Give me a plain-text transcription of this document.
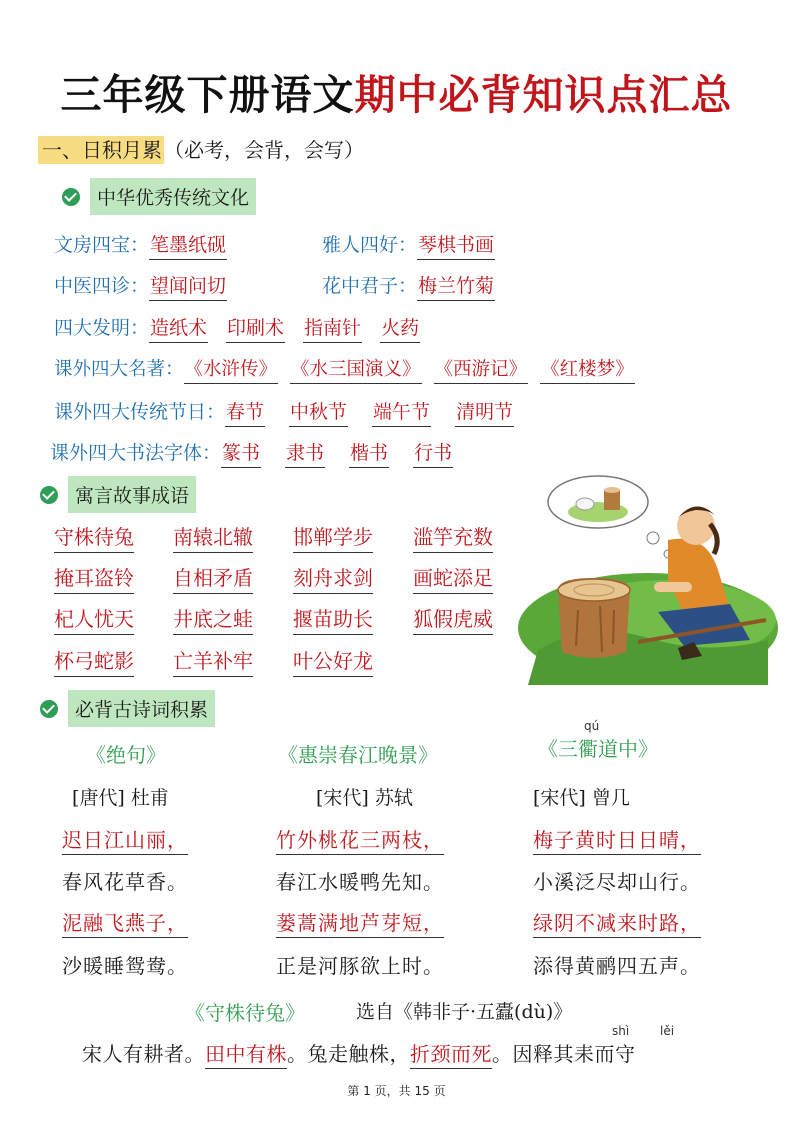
三年级下册语文期中必背知识点汇总
一、日积月累 （必考，会背，会写）
中华优秀传统文化
文房四宝： 笔墨纸砚	雅人四好： 琴棋书画
中医四诊： 望闻问切	花中君子： 梅兰竹菊
四大发明： 造纸术 印刷术 指南针 火药
课外四大名著： 《水浒传》 《水三国演义》 《西游记》 《红楼梦》
课外四大传统节日： 春节 中秋节 端午节 清明节
课外四大书法字体： 篆书 隶书 楷书 行书
寓言故事成语
守株待兔 南辕北辙 邯郸学步 滥竽充数
掩耳盗铃 自相矛盾 刻舟求剑 画蛇添足
杞人忧天 井底之蛙 揠苗助长 狐假虎威
杯弓蛇影 亡羊补牢 叶公好龙
必背古诗词积累
《绝句》
[唐代] 杜甫
迟日江山丽，
春风花草香。
泥融飞燕子，
沙暖睡鸳鸯。
《惠崇春江晚景》
[宋代] 苏轼
竹外桃花三两枝，
春江水暖鸭先知。
蒌蒿满地芦芽短，
正是河豚欲上时。
qú
《三衢道中》
[宋代] 曾几
梅子黄时日日晴，
小溪泛尽却山行。
绿阴不减来时路，
添得黄鹂四五声。
《守株待兔》	选自《韩非子·五蠹(dù)》
shì	lěi
宋人有耕者。田中有株。兔走触株，折颈而死。因释其耒而守
第 1 页，共 15 页
